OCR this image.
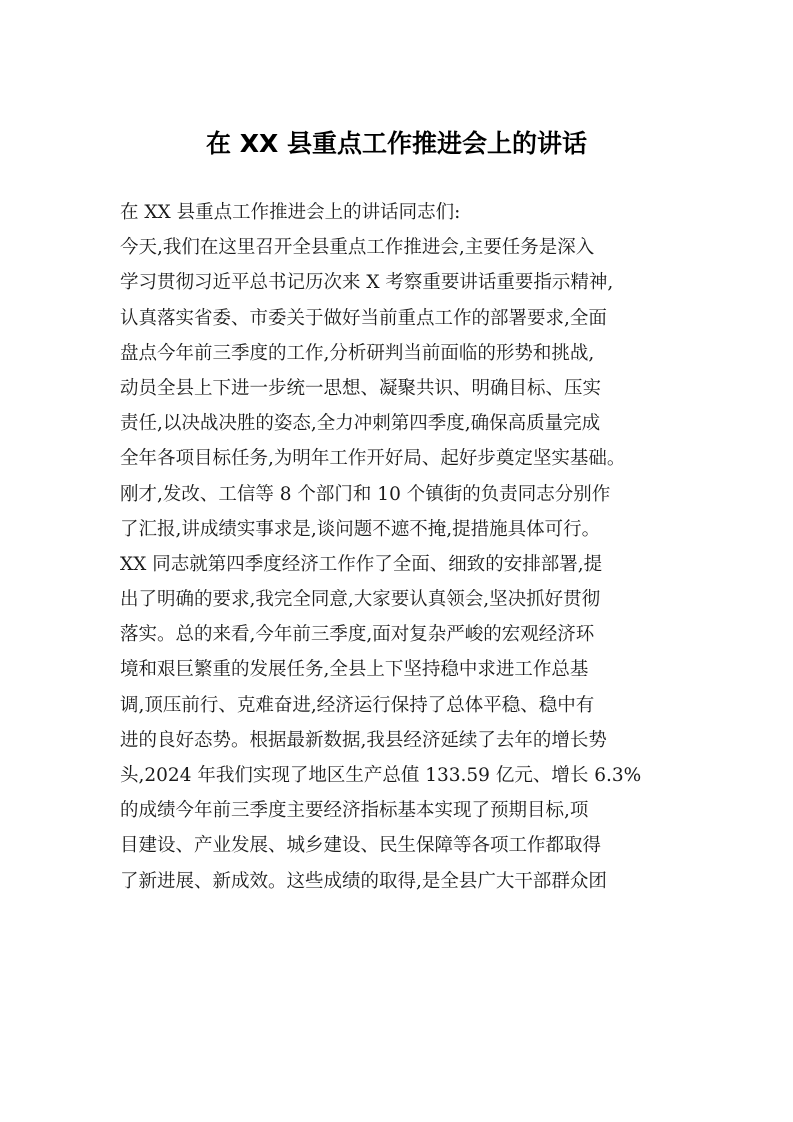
在 XX 县重点工作推进会上的讲话
在 XX 县重点工作推进会上的讲话同志们:
今天,我们在这里召开全县重点工作推进会,主要任务是深入
学习贯彻习近平总书记历次来 X 考察重要讲话重要指示精神,
认真落实省委、市委关于做好当前重点工作的部署要求,全面
盘点今年前三季度的工作,分析研判当前面临的形势和挑战,
动员全县上下进一步统一思想、凝聚共识、明确目标、压实
责任,以决战决胜的姿态,全力冲刺第四季度,确保高质量完成
全年各项目标任务,为明年工作开好局、起好步奠定坚实基础。
刚才,发改、工信等 8 个部门和 10 个镇街的负责同志分别作
了汇报,讲成绩实事求是,谈问题不遮不掩,提措施具体可行。
XX 同志就第四季度经济工作作了全面、细致的安排部署,提
出了明确的要求,我完全同意,大家要认真领会,坚决抓好贯彻
落实。总的来看,今年前三季度,面对复杂严峻的宏观经济环
境和艰巨繁重的发展任务,全县上下坚持稳中求进工作总基
调,顶压前行、克难奋进,经济运行保持了总体平稳、稳中有
进的良好态势。根据最新数据,我县经济延续了去年的增长势
头,2024 年我们实现了地区生产总值 133.59 亿元、增长 6.3%
的成绩今年前三季度主要经济指标基本实现了预期目标,项
目建设、产业发展、城乡建设、民生保障等各项工作都取得
了新进展、新成效。这些成绩的取得,是全县广大干部群众团
